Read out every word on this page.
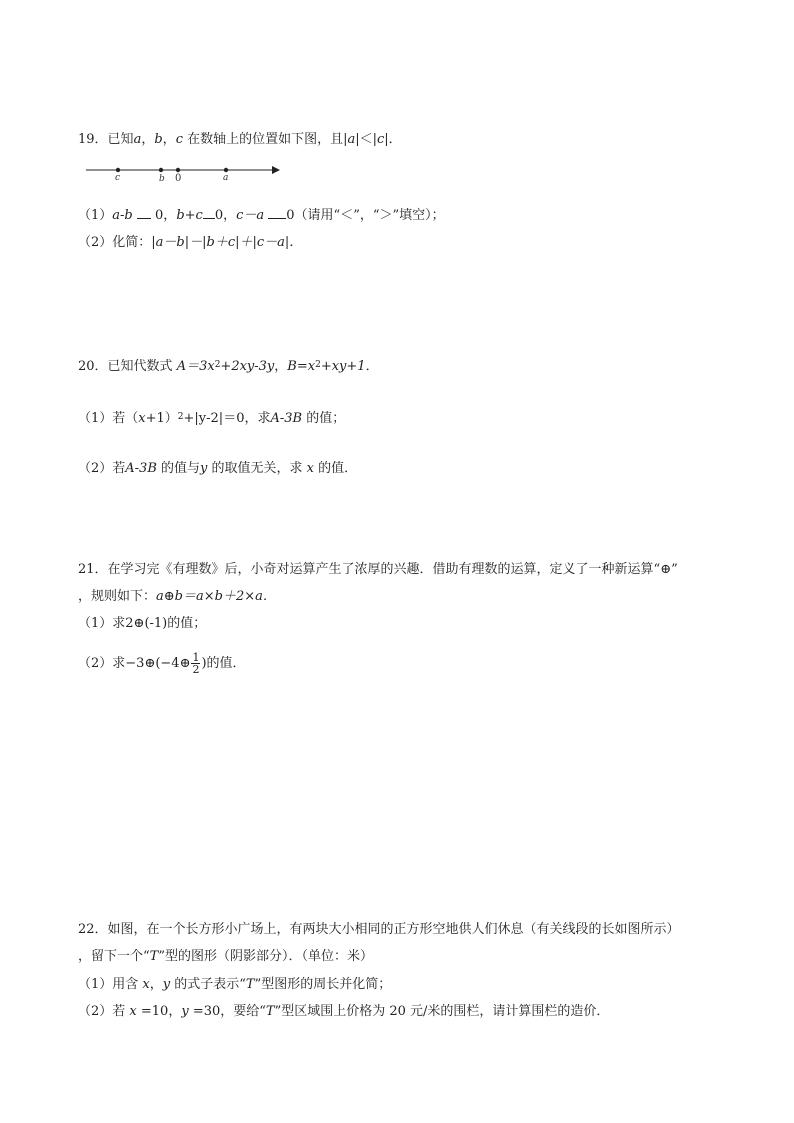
19．已知a，b，c 在数轴上的位置如下图，且|a|＜|c|．
c	b 0	a
（1）a-b 0，b+c 0，c－a 0（请用“＜”，“＞”填空）；
（2）化简：|a－b|－|b＋c|＋|c－a|．
20．已知代数式 $A=3x^2+2xy-3y$，$B=x^2+xy+1$．
（1）若$(x+1)^2+|y-2|=0$，求A-3B 的值；
（2）若A-3B 的值与y 的取值无关，求 x 的值．
21．在学习完《有理数》后，小奇对运算产生了浓厚的兴趣．借助有理数的运算，定义了一种新运算“⊕”
，规则如下：a⊕b＝a×b＋2×a．
（1）求2⊕(-1)的值；
（2）求−3⊕(−4⊕ $\frac{1}{2}$ )的值．
22．如图，在一个长方形小广场上，有两块大小相同的正方形空地供人们休息（有关线段的长如图所示）
，留下一个“T”型的图形（阴影部分）．（单位：米）
（1）用含 x，y 的式子表示“T”型图形的周长并化简；
（2）若 x =10，y =30，要给“T”型区域围上价格为 20 元/米的围栏，请计算围栏的造价．
